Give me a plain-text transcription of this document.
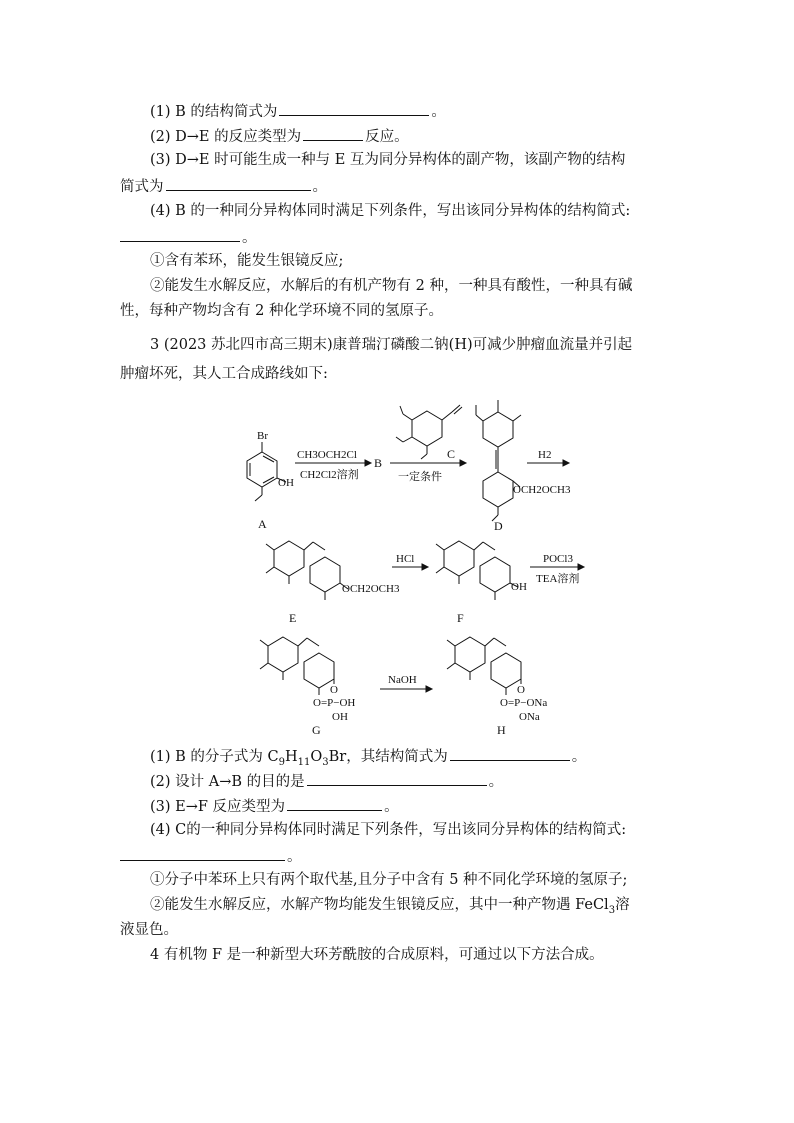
(1) B 的结构简式为	。
(2) D→E 的反应类型为	反应。
(3) D→E 时可能生成一种与 E 互为同分异构体的副产物，该副产物的结构
简式为	。
(4) B 的一种同分异构体同时满足下列条件，写出该同分异构体的结构简式:
。
①含有苯环，能发生银镜反应;
②能发生水解反应，水解后的有机产物有 2 种，一种具有酸性，一种具有碱
性，每种产物均含有 2 种化学环境不同的氢原子。
3 (2023 苏北四市高三期末)康普瑞汀磷酸二钠(H)可减少肿瘤血流量并引起
肿瘤坏死，其人工合成路线如下:
Br
OH
A
CH3OCH2Cl
CH2Cl2溶剂
B
C
一定条件
OCH2OCH3
D
H2
OCH2OCH3
E
HCl
OH
F
POCl3
TEA溶剂
O
O=P−OH
OH
G
NaOH
O
O=P−ONa
ONa
H
(1) B 的分子式为 $C_9H_{11}O_3Br$，其结构简式为	。
(2) 设计 A→B 的目的是	。
(3) E→F 反应类型为	。
(4) C的一种同分异构体同时满足下列条件，写出该同分异构体的结构简式:
。
①分子中苯环上只有两个取代基,且分子中含有 5 种不同化学环境的氢原子;
②能发生水解反应，水解产物均能发生银镜反应，其中一种产物遇 FeCl$_3$溶
液显色。
4 有机物 F 是一种新型大环芳酰胺的合成原料，可通过以下方法合成。
